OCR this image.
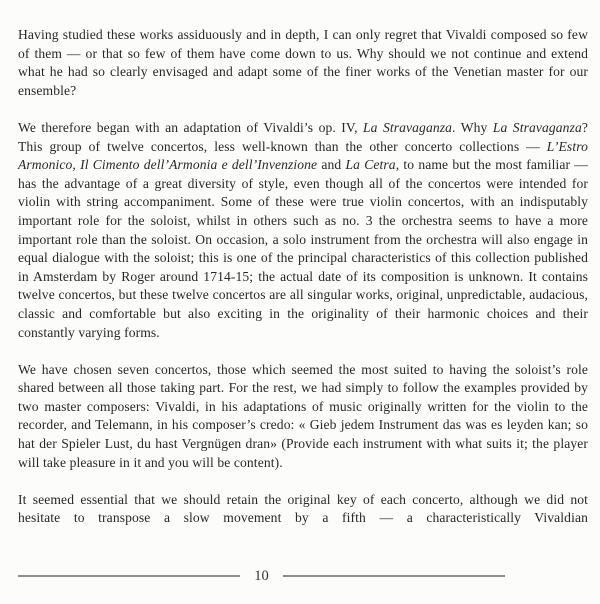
Having studied these works assiduously and in depth, I can only regret that Vivaldi composed so few of them — or that so few of them have come down to us. Why should we not continue and extend what he had so clearly envisaged and adapt some of the finer works of the Venetian master for our ensemble?

We therefore began with an adaptation of Vivaldi’s op. IV, La Stravaganza. Why La Stravaganza? This group of twelve concertos, less well-known than the other concerto collections — L’Estro Armonico, Il Cimento dell’Armonia e dell’Invenzione and La Cetra, to name but the most familiar — has the advantage of a great diversity of style, even though all of the concertos were intended for violin with string accompaniment. Some of these were true violin concertos, with an indisputably important role for the soloist, whilst in others such as no. 3 the orchestra seems to have a more important role than the soloist. On occasion, a solo instrument from the orchestra will also engage in equal dialogue with the soloist; this is one of the principal characteristics of this collection published in Amsterdam by Roger around 1714-15; the actual date of its composition is unknown. It contains twelve concertos, but these twelve concertos are all singular works, original, unpredictable, audacious, classic and comfortable but also exciting in the originality of their harmonic choices and their constantly varying forms.

We have chosen seven concertos, those which seemed the most suited to having the soloist’s role shared between all those taking part. For the rest, we had simply to follow the examples provided by two master composers: Vivaldi, in his adaptations of music originally written for the violin to the recorder, and Telemann, in his composer’s credo: « Gieb jedem Instrument das was es leyden kan; so hat der Spieler Lust, du hast Vergnügen dran» (Provide each instrument with what suits it; the player will take pleasure in it and you will be content).

It seemed essential that we should retain the original key of each concerto, although we did not hesitate to transpose a slow movement by a fifth — a characteristically Vivaldian

10
